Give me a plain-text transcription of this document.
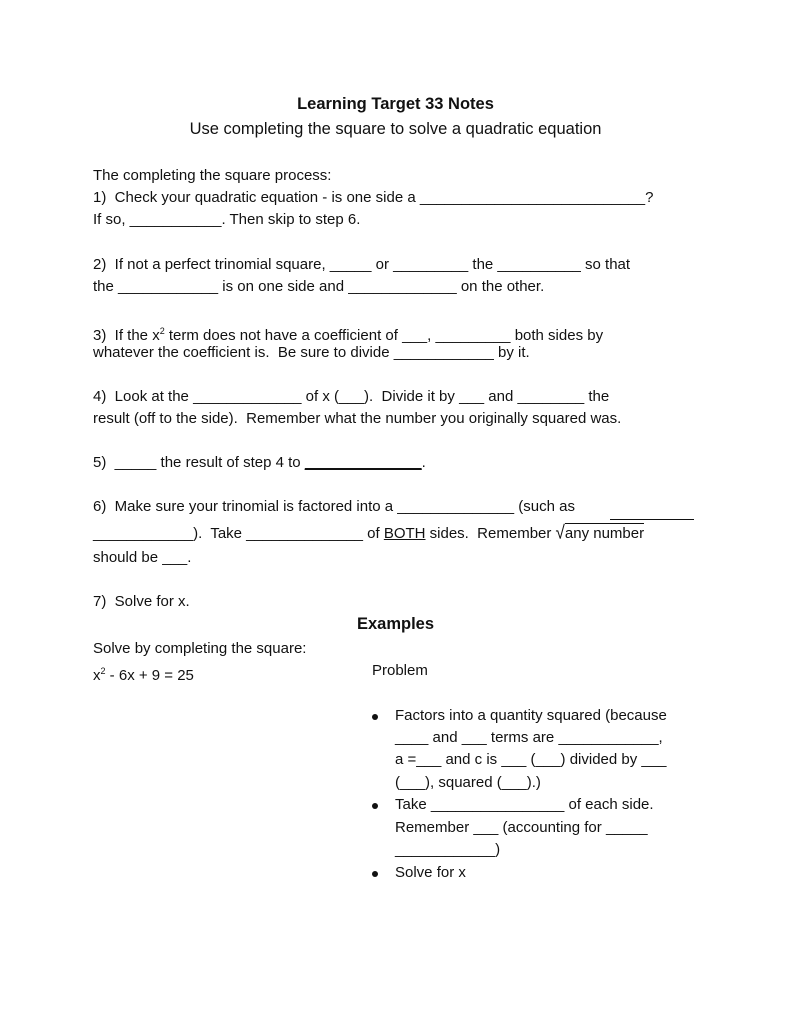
Learning Target 33 Notes
Use completing the square to solve a quadratic equation
The completing the square process:
1)  Check your quadratic equation - is one side a ___________________________?
If so, ___________. Then skip to step 6.
2)  If not a perfect trinomial square, _____ or _________ the __________ so that
the ____________ is on one side and _____________ on the other.
3)  If the $x^2$ term does not have a coefficient of ___, _________ both sides by
whatever the coefficient is.  Be sure to divide ____________ by it.
4)  Look at the _____________ of x (___).  Divide it by ___ and ________ the
result (off to the side).  Remember what the number you originally squared was.
5)  _____ the result of step 4 to ______________.
6)  Make sure your trinomial is factored into a ______________ (such as
____________).  Take ______________ of BOTH sides.  Remember √any number
should be ___.
7)  Solve for x.
Examples
Solve by completing the square:
$x^2 - 6x + 9 = 25$	Problem
Factors into a quantity squared (because
____ and ___ terms are ____________,
a =___ and c is ___ (___) divided by ___
(___), squared (___).)
Take ________________ of each side.
Remember ___ (accounting for _____
____________)
Solve for x
